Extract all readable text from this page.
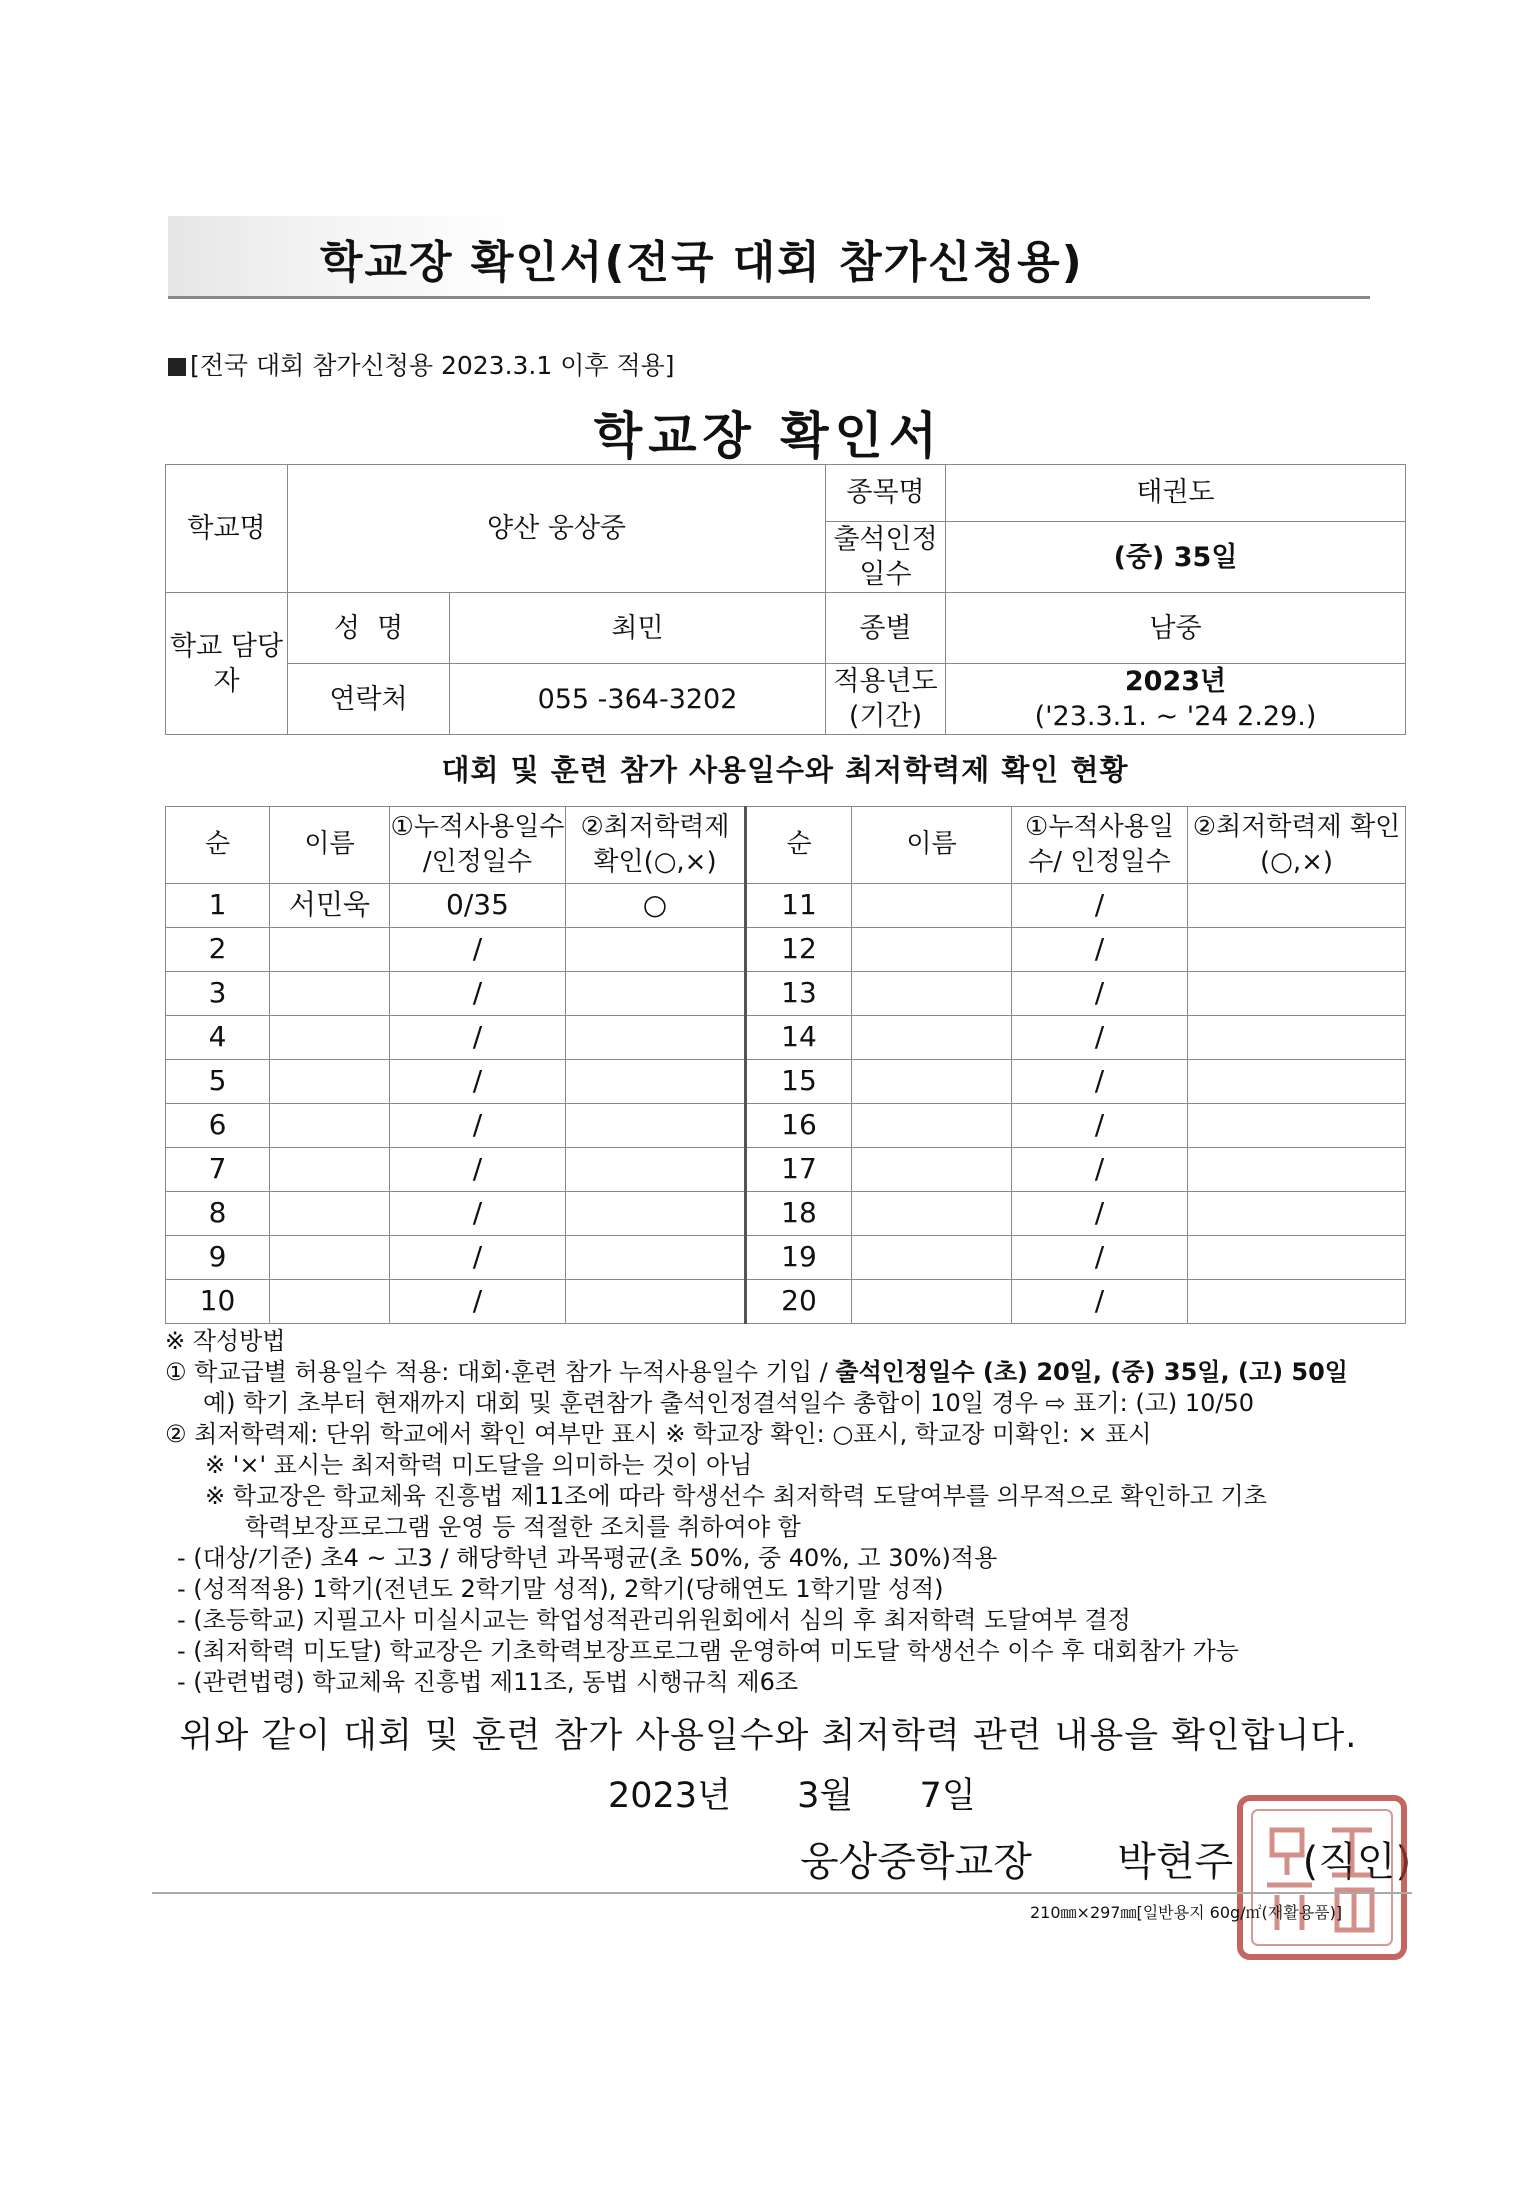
학교장 확인서(전국 대회 참가신청용)
[전국 대회 참가신청용 2023.3.1 이후 적용]
학교장 확인서
학교명	양산 웅상중		종목명	태권도
			출석인정 일수	(중) 35일
학교 담당자	성  명	최민	종별	남중
	연락처	055 -364-3202	적용년도 (기간)	2023년
('23.3.1. ~ '24 2.29.)
대회 및 훈련 참가 사용일수와 최저학력제 확인 현황
순	이름	①누적사용일수 /인정일수	②최저학력제 확인(○,×)	순	이름	①누적사용일수/ 인정일수	②최저학력제 확인(○,×)
1	서민욱	0/35	○	11		/	
2		/		12		/	
3		/		13		/	
4		/		14		/	
5		/		15		/	
6		/		16		/	
7		/		17		/	
8		/		18		/	
9		/		19		/	
10		/		20		/	
※ 작성방법
① 학교급별 허용일수 적용: 대회·훈련 참가 누적사용일수 기입 / 출석인정일수 (초) 20일, (중) 35일, (고) 50일
예) 학기 초부터 현재까지 대회 및 훈련참가 출석인정결석일수 총합이 10일 경우 ⇨ 표기: (고) 10/50
② 최저학력제: 단위 학교에서 확인 여부만 표시 ※ 학교장 확인: ○표시, 학교장 미확인: × 표시
※ '×' 표시는 최저학력 미도달을 의미하는 것이 아님
※ 학교장은 학교체육 진흥법 제11조에 따라 학생선수 최저학력 도달여부를 의무적으로 확인하고 기초
학력보장프로그램 운영 등 적절한 조치를 취하여야 함
- (대상/기준) 초4 ~ 고3 / 해당학년 과목평균(초 50%, 중 40%, 고 30%)적용
- (성적적용) 1학기(전년도 2학기말 성적), 2학기(당해연도 1학기말 성적)
- (초등학교) 지필고사 미실시교는 학업성적관리위원회에서 심의 후 최저학력 도달여부 결정
- (최저학력 미도달) 학교장은 기초학력보장프로그램 운영하여 미도달 학생선수 이수 후 대회참가 가능
- (관련법령) 학교체육 진흥법 제11조, 동법 시행규칙 제6조
위와 같이 대회 및 훈련 참가 사용일수와 최저학력 관련 내용을 확인합니다.
2023년 3월 7일
웅상중학교장 박현주 (직인)
210㎜×297㎜[일반용지 60g/㎡(재활용품)]
